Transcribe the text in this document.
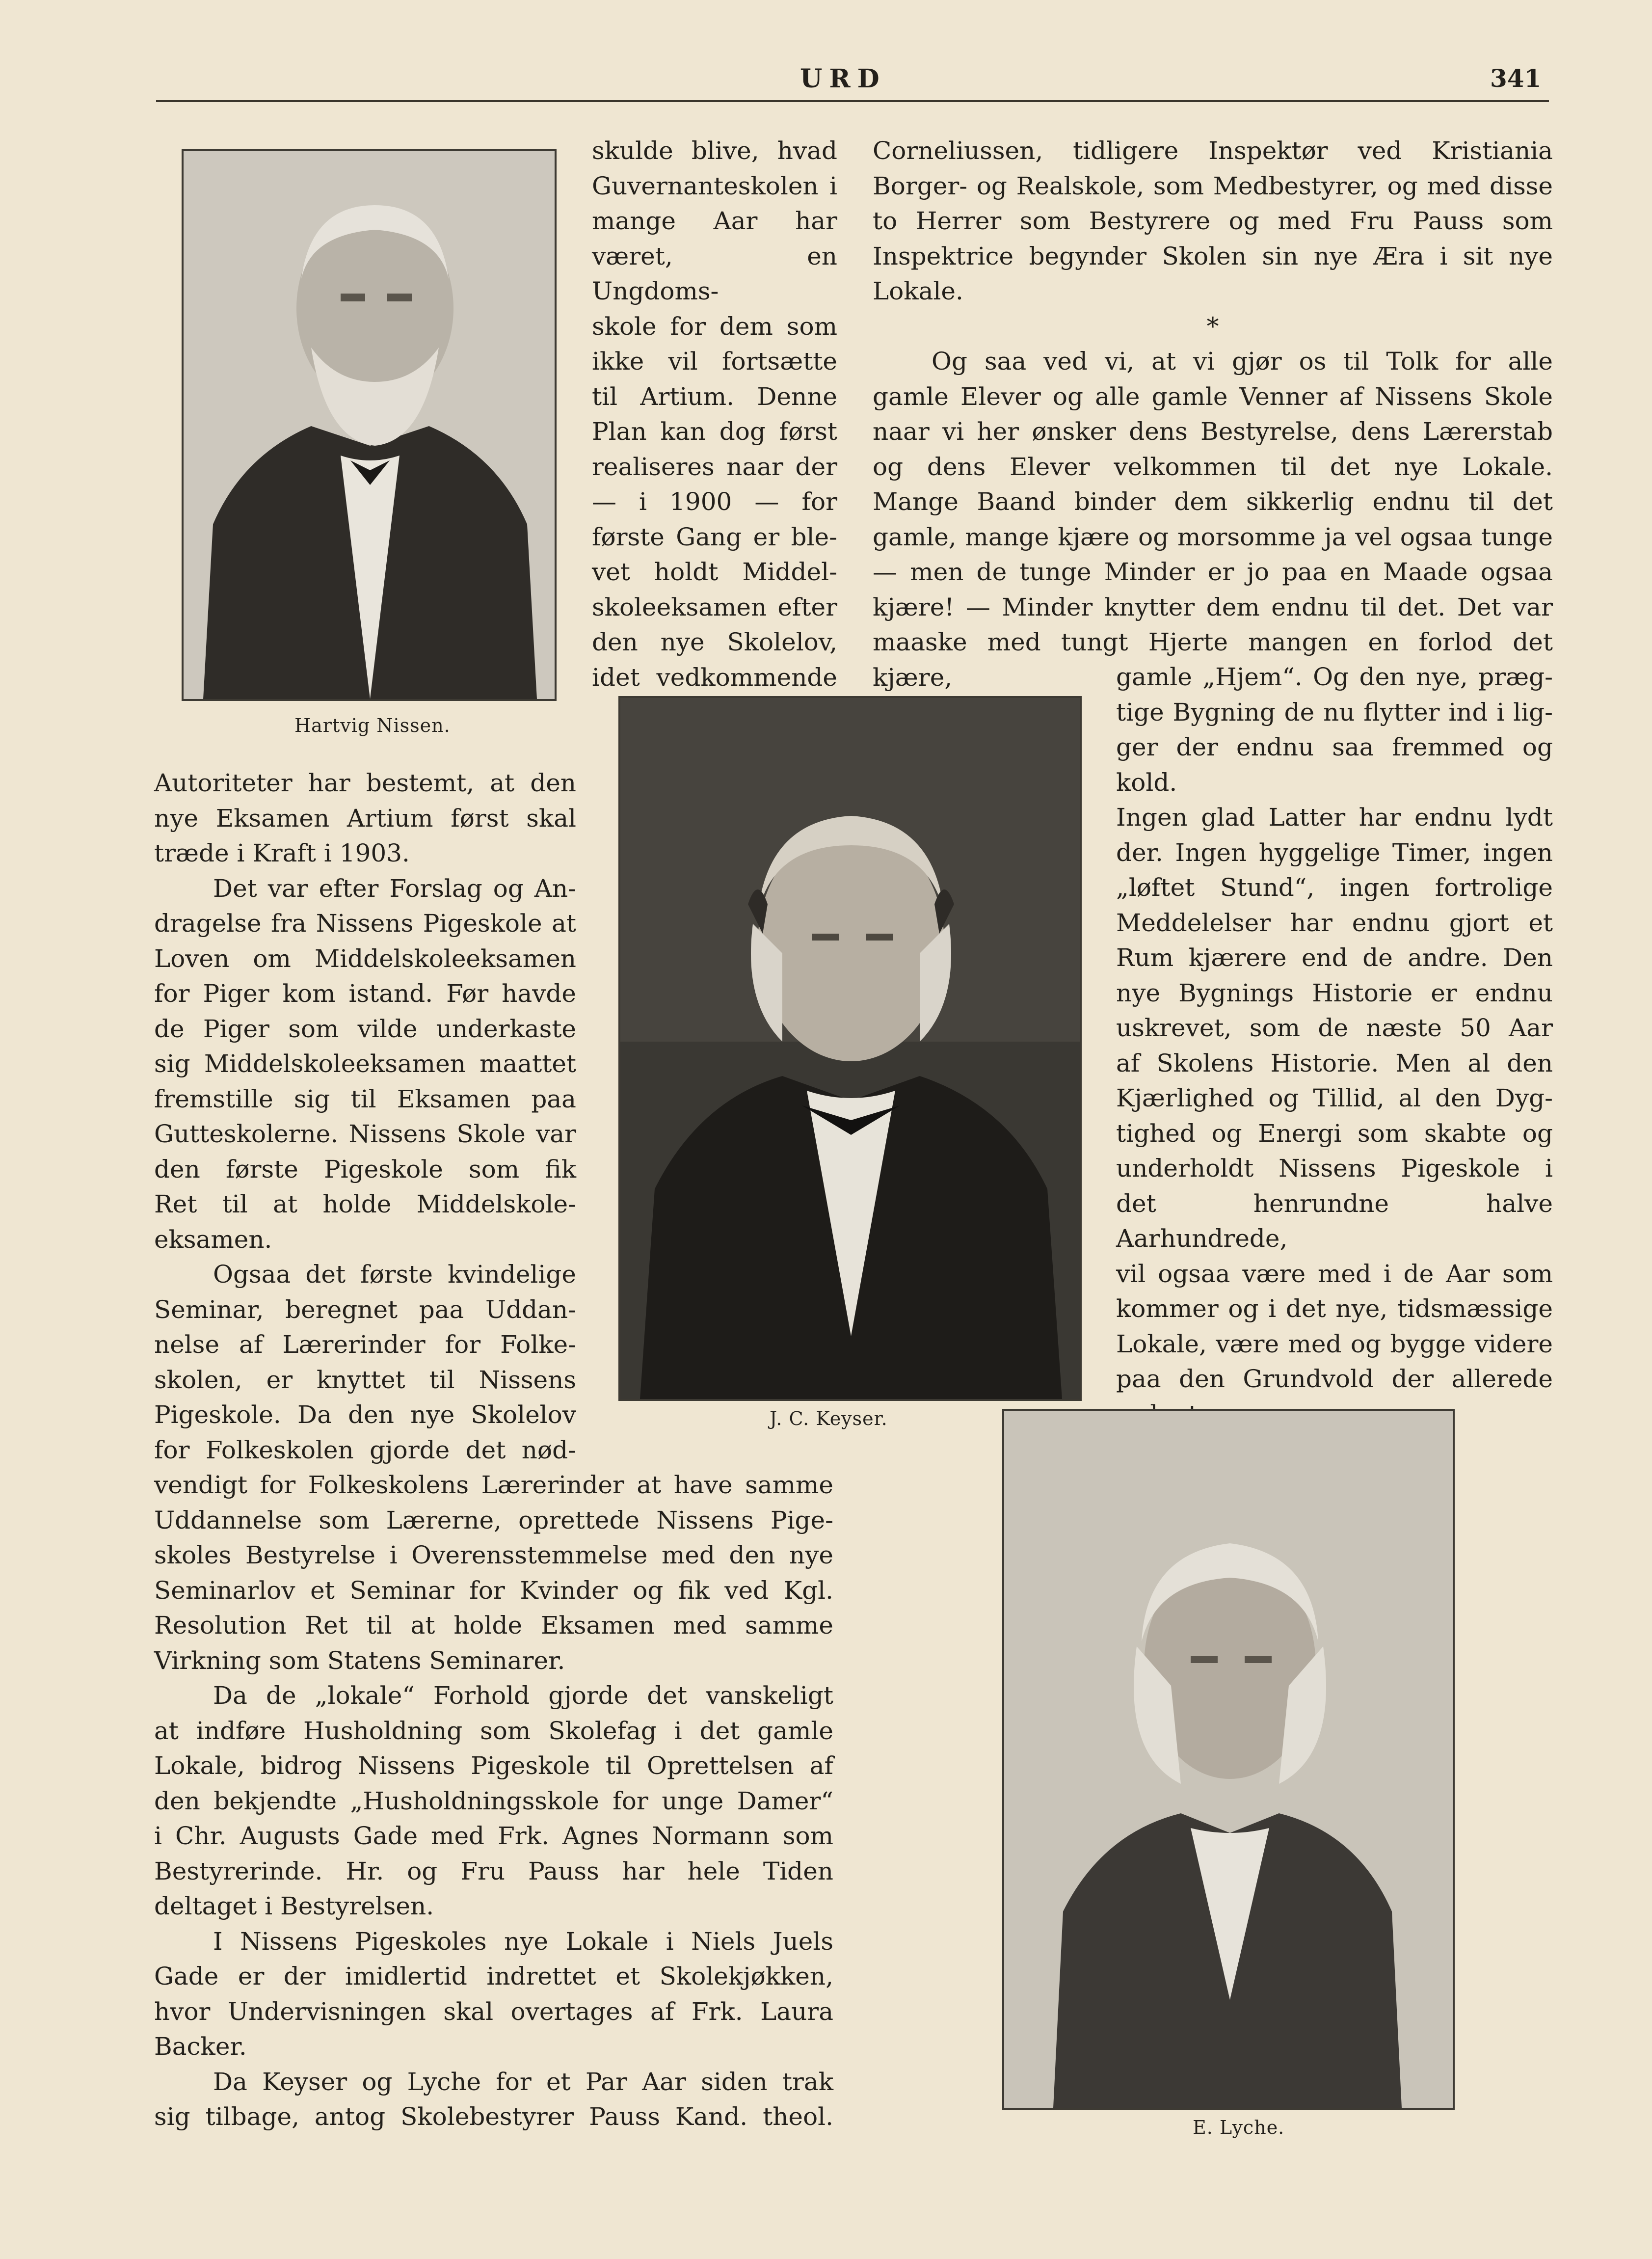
URD	341
Hartvig Nissen.

skulde blive, hvad

Guvernanteskolen i

mange Aar har

været, en Ungdoms-

skole for dem som

ikke vil fortsætte

til Artium. Denne

Plan kan dog først

realiseres naar der

— i 1900 — for

første Gang er ble-

vet holdt Middel-

skoleeksamen efter

den nye Skolelov,

idet vedkommende

Corneliussen, tidligere Inspektør ved Kristiania

Borger- og Realskole, som Medbestyrer, og med disse

to Herrer som Bestyrere og med Fru Pauss som

Inspektrice begynder Skolen sin nye Æra i sit nye

Lokale.

*

Og saa ved vi, at vi gjør os til Tolk for alle

gamle Elever og alle gamle Venner af Nissens Skole

naar vi her ønsker dens Bestyrelse, dens Lærerstab

og dens Elever velkommen til det nye Lokale.

Mange Baand binder dem sikkerlig endnu til det

gamle, mange kjære og morsomme ja vel ogsaa tunge

— men de tunge Minder er jo paa en Maade ogsaa

kjære! — Minder knytter dem endnu til det. Det var

maaske med tungt Hjerte mangen en forlod det kjære,

J. C. Keyser.

Autoriteter har bestemt, at den

nye Eksamen Artium først skal

træde i Kraft i 1903.

Det var efter Forslag og An-

dragelse fra Nissens Pigeskole at

Loven om Middelskoleeksamen

for Piger kom istand. Før havde

de Piger som vilde underkaste

sig Middelskoleeksamen maattet

fremstille sig til Eksamen paa

Gutteskolerne. Nissens Skole var

den første Pigeskole som fik

Ret til at holde Middelskole-

eksamen.

Ogsaa det første kvindelige

Seminar, beregnet paa Uddan-

nelse af Lærerinder for Folke-

skolen, er knyttet til Nissens

Pigeskole. Da den nye Skolelov

for Folkeskolen gjorde det nød-

vendigt for Folkeskolens Lærerinder at have samme

Uddannelse som Lærerne, oprettede Nissens Pige-

skoles Bestyrelse i Overensstemmelse med den nye

Seminarlov et Seminar for Kvinder og fik ved Kgl.

Resolution Ret til at holde Eksamen med samme

Virkning som Statens Seminarer.

Da de „lokale“ Forhold gjorde det vanskeligt

at indføre Husholdning som Skolefag i det gamle

Lokale, bidrog Nissens Pigeskole til Oprettelsen af

den bekjendte „Husholdningsskole for unge Damer“

i Chr. Augusts Gade med Frk. Agnes Normann som

Bestyrerinde. Hr. og Fru Pauss har hele Tiden

deltaget i Bestyrelsen.

I Nissens Pigeskoles nye Lokale i Niels Juels

Gade er der imidlertid indrettet et Skolekjøkken,

hvor Undervisningen skal overtages af Frk. Laura

Backer.

Da Keyser og Lyche for et Par Aar siden trak

sig tilbage, antog Skolebestyrer Pauss Kand. theol.

gamle „Hjem“. Og den nye, præg-

tige Bygning de nu flytter ind i lig-

ger der endnu saa fremmed og kold.

Ingen glad Latter har endnu lydt

der. Ingen hyggelige Timer, ingen

„løftet Stund“, ingen fortrolige

Meddelelser har endnu gjort et

Rum kjærere end de andre. Den

nye Bygnings Historie er endnu

uskrevet, som de næste 50 Aar

af Skolens Historie. Men al den

Kjærlighed og Tillid, al den Dyg-

tighed og Energi som skabte og

underholdt Nissens Pigeskole i

det henrundne halve Aarhundrede,

vil ogsaa være med i de Aar som

kommer og i det nye, tidsmæssige

Lokale, være med og bygge videre

paa den Grundvold der allerede

E. Lyche.
